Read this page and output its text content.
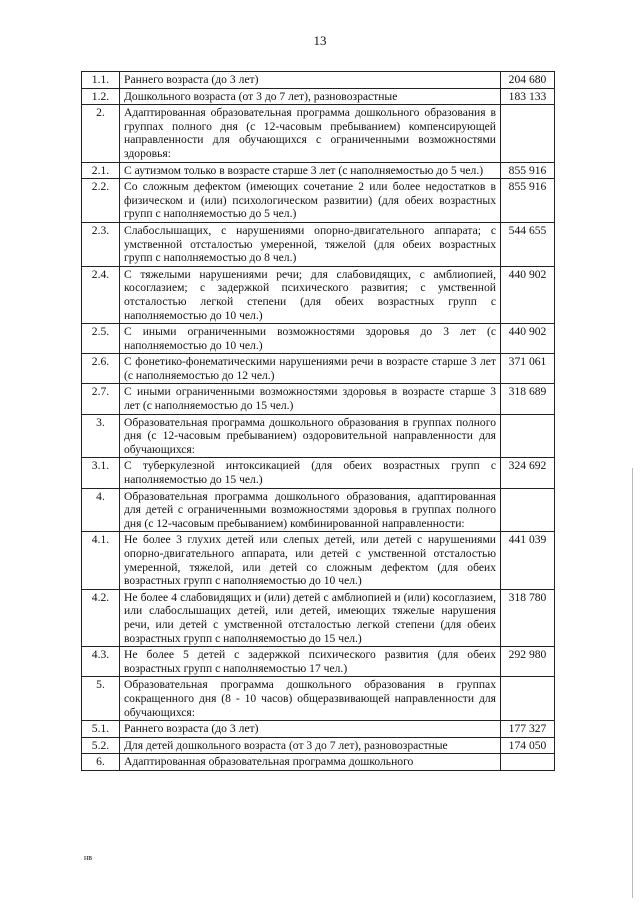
13
1.1.	Раннего возраста (до 3 лет)	204 680
1.2.	Дошкольного возраста (от 3 до 7 лет), разновозрастные	183 133
2.	Адаптированная образовательная программа дошкольного образования в группах полного дня (с 12-часовым пребыванием) компенсирующей направленности для обучающихся с ограниченными возможностями здоровья:	
2.1.	С аутизмом только в возрасте старше 3 лет (с наполняемостью до 5 чел.)	855 916
2.2.	Со сложным дефектом (имеющих сочетание 2 или более недостатков в физическом и (или) психологическом развитии) (для обеих возрастных групп с наполняемостью до 5 чел.)	855 916
2.3.	Слабослышащих, с нарушениями опорно-двигательного аппарата; с умственной отсталостью умеренной, тяжелой (для обеих возрастных групп с наполняемостью до 8 чел.)	544 655
2.4.	С тяжелыми нарушениями речи; для слабовидящих, с амблиопией, косоглазием; с задержкой психического развития; с умственной отсталостью легкой степени (для обеих возрастных групп с наполняемостью до 10 чел.)	440 902
2.5.	С иными ограниченными возможностями здоровья до 3 лет (с наполняемостью до 10 чел.)	440 902
2.6.	С фонетико-фонематическими нарушениями речи в возрасте старше 3 лет (с наполняемостью до 12 чел.)	371 061
2.7.	С иными ограниченными возможностями здоровья в возрасте старше 3 лет (с наполняемостью до 15 чел.)	318 689
3.	Образовательная программа дошкольного образования в группах полного дня (с 12-часовым пребыванием) оздоровительной направленности для обучающихся:	
3.1.	С туберкулезной интоксикацией (для обеих возрастных групп с наполняемостью до 15 чел.)	324 692
4.	Образовательная программа дошкольного образования, адаптированная для детей с ограниченными возможностями здоровья в группах полного дня (с 12-часовым пребыванием) комбинированной направленности:	
4.1.	Не более 3 глухих детей или слепых детей, или детей с нарушениями опорно-двигательного аппарата, или детей с умственной отсталостью умеренной, тяжелой, или детей со сложным дефектом (для обеих возрастных групп с наполняемостью до 10 чел.)	441 039
4.2.	Не более 4 слабовидящих и (или) детей с амблиопией и (или) косоглазием, или слабослышащих детей, или детей, имеющих тяжелые нарушения речи, или детей с умственной отсталостью легкой степени (для обеих возрастных групп с наполняемостью до 15 чел.)	318 780
4.3.	Не более 5 детей с задержкой психического развития (для обеих возрастных групп с наполняемостью 17 чел.)	292 980
5.	Образовательная программа дошкольного образования в группах сокращенного дня (8 - 10 часов) общеразвивающей направленности для обучающихся:	
5.1.	Раннего возраста (до 3 лет)	177 327
5.2.	Для детей дошкольного возраста (от 3 до 7 лет), разновозрастные	174 050
6.	Адаптированная образовательная программа дошкольного	
нв
